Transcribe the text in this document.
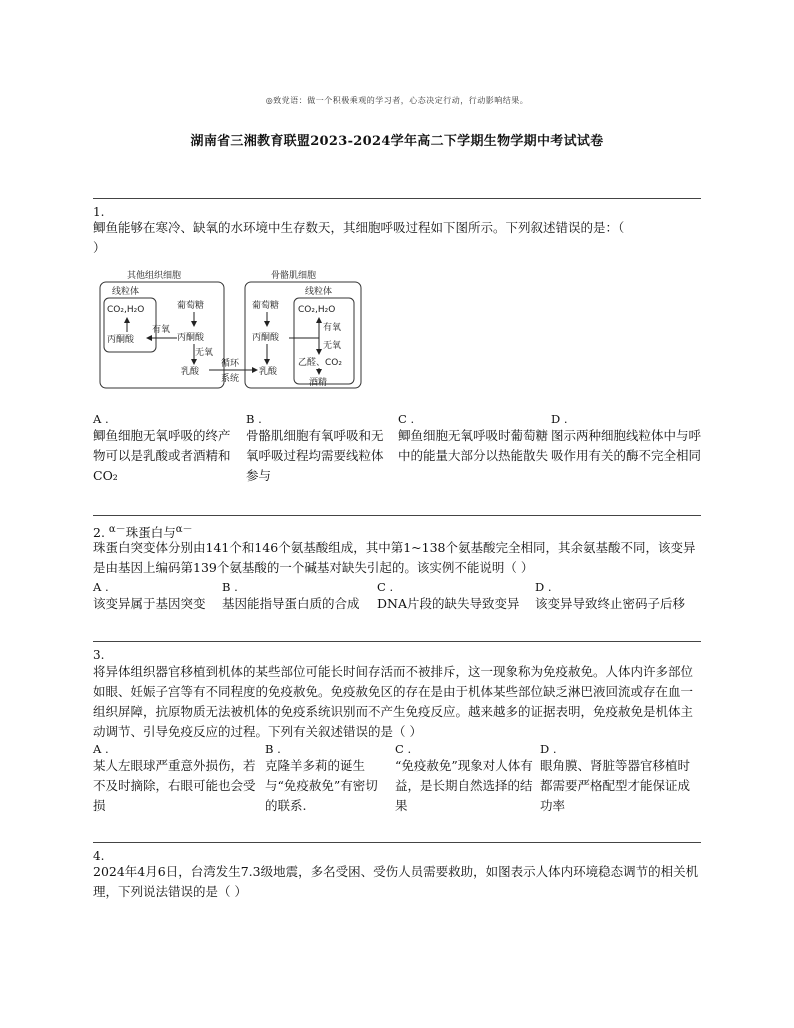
◎致党语：做一个积极乘观的学习者，心态决定行动，行动影响结果。
湖南省三湘教育联盟2023-2024学年高二下学期生物学期中考试试卷
1.
鲫鱼能够在寒冷、缺氧的水环境中生存数天，其细胞呼吸过程如下图所示。下列叙述错误的是：（
）
其他组织细胞
线粒体
CO₂,H₂O
丙酮酸
葡萄糖
有氧
丙酮酸
无氧
乳酸
循环
系统
骨骼肌细胞
葡萄糖
丙酮酸
乳酸
线粒体
CO₂,H₂O
有氧
无氧
乙醛、CO₂
酒精
A .
鲫鱼细胞无氧呼吸的终产物可以是乳酸或者酒精和CO₂
B .
骨骼肌细胞有氧呼吸和无氧呼吸过程均需要线粒体参与
C .
鲫鱼细胞无氧呼吸时葡萄糖中的能量大部分以热能散失
D .
图示两种细胞线粒体中与呼吸作用有关的酶不完全相同
2. $^{\alpha-}$珠蛋白与$^{\alpha-}$
珠蛋白突变体分别由141个和146个氨基酸组成，其中第1~138个氨基酸完全相同，其余氨基酸不同，该变异是由基因上编码第139个氨基酸的一个碱基对缺失引起的。该实例不能说明（ ）
A .
该变异属于基因突变
B .
基因能指导蛋白质的合成
C .
DNA片段的缺失导致变异
D .
该变异导致终止密码子后移
3.
将异体组织器官移植到机体的某些部位可能长时间存活而不被排斥，这一现象称为免疫赦免。人体内许多部位如眼、妊娠子宫等有不同程度的免疫赦免。免疫赦免区的存在是由于机体某些部位缺乏淋巴液回流或存在血一组织屏障，抗原物质无法被机体的免疫系统识别而不产生免疫反应。越来越多的证据表明，免疫赦免是机体主动调节、引导免疫反应的过程。下列有关叙述错误的是（ ）
A .
某人左眼球严重意外损伤，若不及时摘除，右眼可能也会受损
B .
克隆羊多莉的诞生与“免疫赦免”有密切的联系.
C .
“免疫赦免”现象对人体有益，是长期自然选择的结果
D .
眼角膜、肾脏等器官移植时都需要严格配型才能保证成功率
4.
2024年4月6日，台湾发生7.3级地震，多名受困、受伤人员需要救助，如图表示人体内环境稳态调节的相关机理，下列说法错误的是（ ）
